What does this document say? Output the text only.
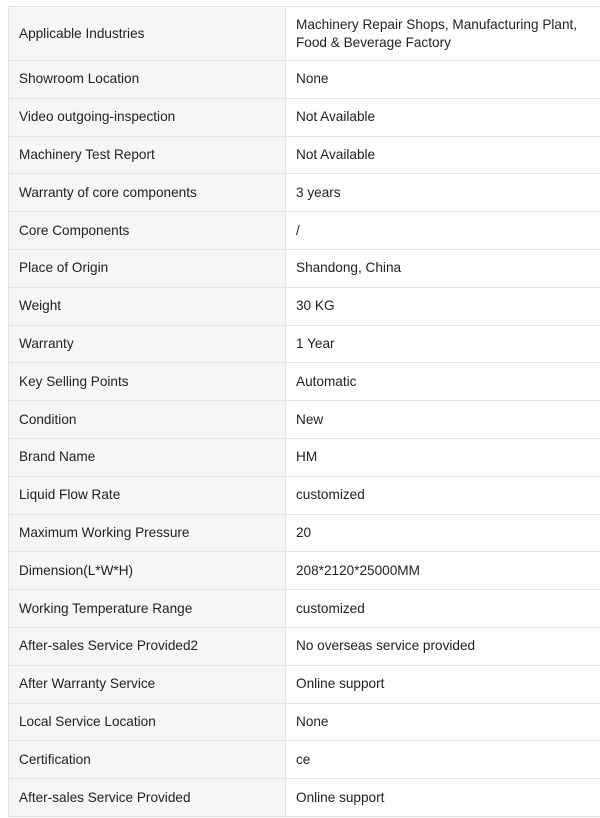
Applicable Industries	Machinery Repair Shops, Manufacturing Plant, Food & Beverage Factory
Showroom Location	None
Video outgoing-inspection	Not Available
Machinery Test Report	Not Available
Warranty of core components	3 years
Core Components	/
Place of Origin	Shandong, China
Weight	30 KG
Warranty	1 Year
Key Selling Points	Automatic
Condition	New
Brand Name	HM
Liquid Flow Rate	customized
Maximum Working Pressure	20
Dimension(L*W*H)	208*2120*25000MM
Working Temperature Range	customized
After-sales Service Provided2	No overseas service provided
After Warranty Service	Online support
Local Service Location	None
Certification	ce
After-sales Service Provided	Online support
